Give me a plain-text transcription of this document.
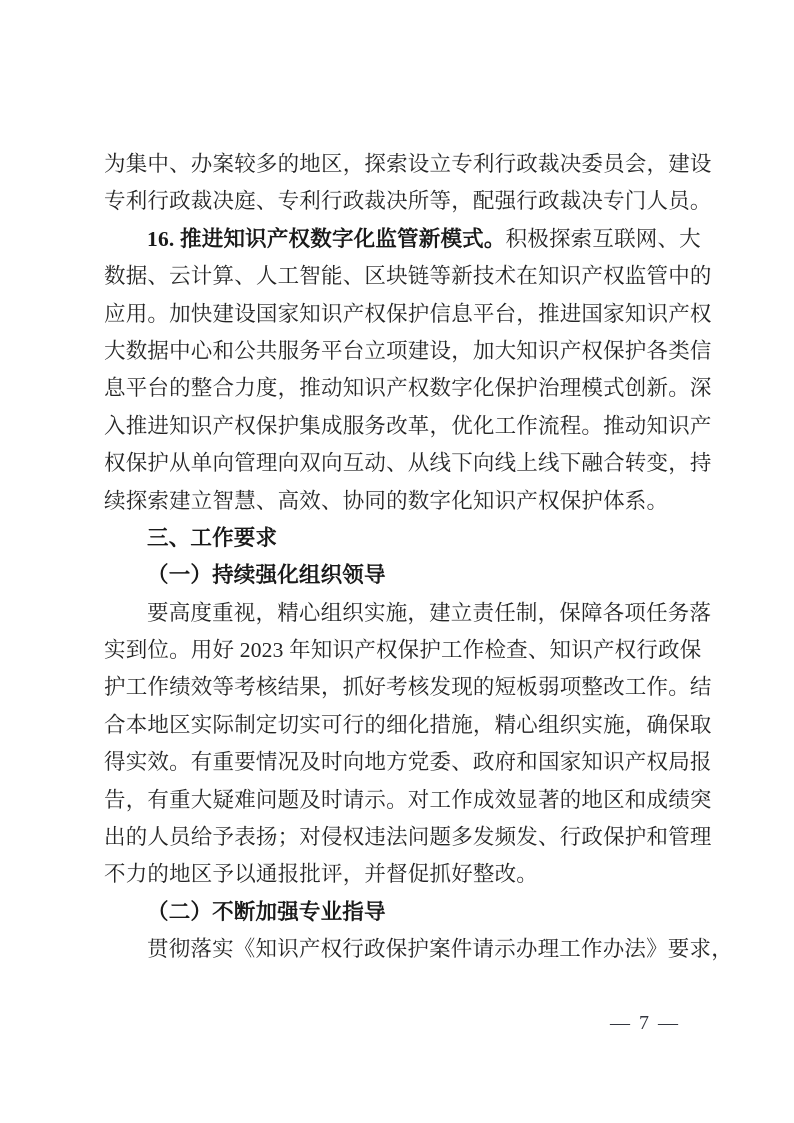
为集中、办案较多的地区，探索设立专利行政裁决委员会，建设
专利行政裁决庭、专利行政裁决所等，配强行政裁决专门人员。
16. 推进知识产权数字化监管新模式。积极探索互联网、大
数据、云计算、人工智能、区块链等新技术在知识产权监管中的
应用。加快建设国家知识产权保护信息平台，推进国家知识产权
大数据中心和公共服务平台立项建设，加大知识产权保护各类信
息平台的整合力度，推动知识产权数字化保护治理模式创新。深
入推进知识产权保护集成服务改革，优化工作流程。推动知识产
权保护从单向管理向双向互动、从线下向线上线下融合转变，持
续探索建立智慧、高效、协同的数字化知识产权保护体系。
三、工作要求
（一）持续强化组织领导
要高度重视，精心组织实施，建立责任制，保障各项任务落
实到位。用好 2023 年知识产权保护工作检查、知识产权行政保
护工作绩效等考核结果，抓好考核发现的短板弱项整改工作。结
合本地区实际制定切实可行的细化措施，精心组织实施，确保取
得实效。有重要情况及时向地方党委、政府和国家知识产权局报
告，有重大疑难问题及时请示。对工作成效显著的地区和成绩突
出的人员给予表扬；对侵权违法问题多发频发、行政保护和管理
不力的地区予以通报批评，并督促抓好整改。
（二）不断加强专业指导
贯彻落实《知识产权行政保护案件请示办理工作办法》要求，
— 7 —
